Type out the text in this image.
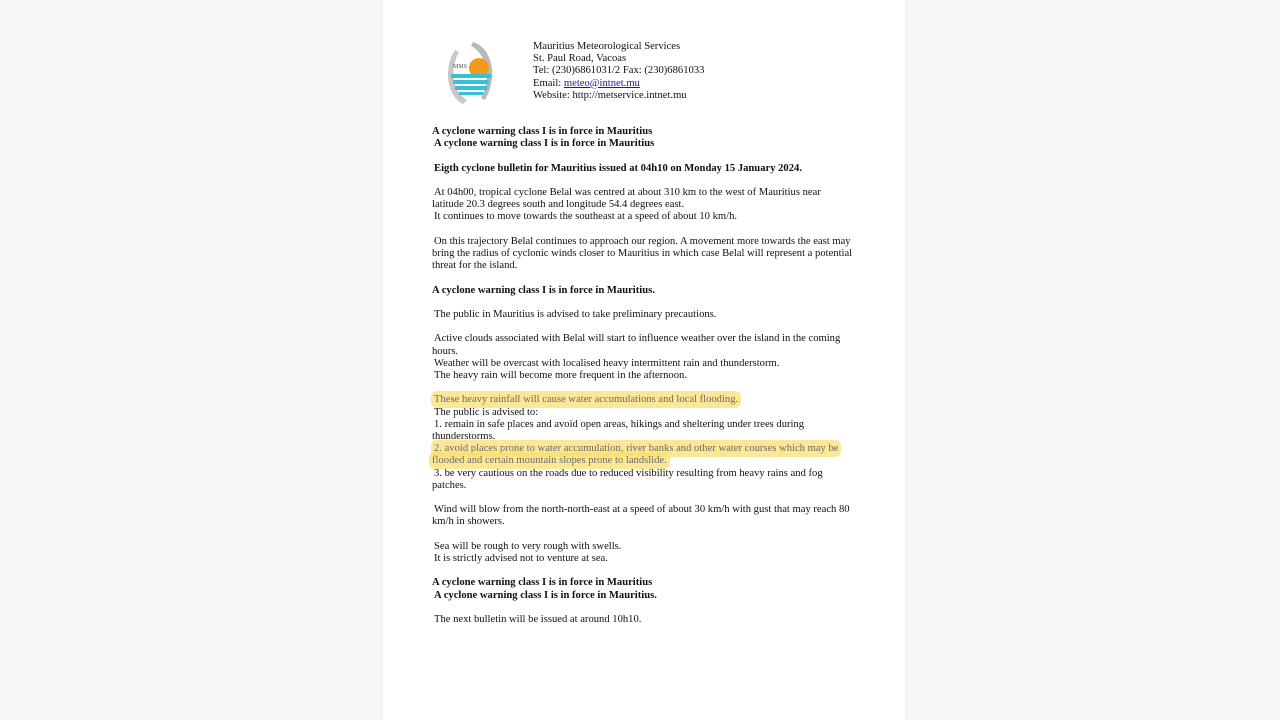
MMS
Mauritius Meteorological Services
St. Paul Road, Vacoas
Tel: (230)6861031/2 Fax: (230)6861033
Email: meteo@intnet.mu
Website: http://metservice.intnet.mu
A cyclone warning class I is in force in Mauritius
A cyclone warning class I is in force in Mauritius
Eigth cyclone bulletin for Mauritius issued at 04h10 on Monday 15 January 2024.
At 04h00, tropical cyclone Belal was centred at about 310 km to the west of Mauritius near
latitude 20.3 degrees south and longitude 54.4 degrees east.
It continues to move towards the southeast at a speed of about 10 km/h.
On this trajectory Belal continues to approach our region. A movement more towards the east may
bring the radius of cyclonic winds closer to Mauritius in which case Belal will represent a potential
threat for the island.
A cyclone warning class I is in force in Mauritius.
The public in Mauritius is advised to take preliminary precautions.
Active clouds associated with Belal will start to influence weather over the island in the coming
hours.
Weather will be overcast with localised heavy intermittent rain and thunderstorm.
The heavy rain will become more frequent in the afternoon.
These heavy rainfall will cause water accumulations and local flooding.
The public is advised to:
1. remain in safe places and avoid open areas, hikings and sheltering under trees during
thunderstorms.
2. avoid places prone to water accumulation, river banks and other water courses which may be
flooded and certain mountain slopes prone to landslide.
3. be very cautious on the roads due to reduced visibility resulting from heavy rains and fog
patches.
Wind will blow from the north-north-east at a speed of about 30 km/h with gust that may reach 80
km/h in showers.
Sea will be rough to very rough with swells.
It is strictly advised not to venture at sea.
A cyclone warning class I is in force in Mauritius
A cyclone warning class I is in force in Mauritius.
The next bulletin will be issued at around 10h10.
